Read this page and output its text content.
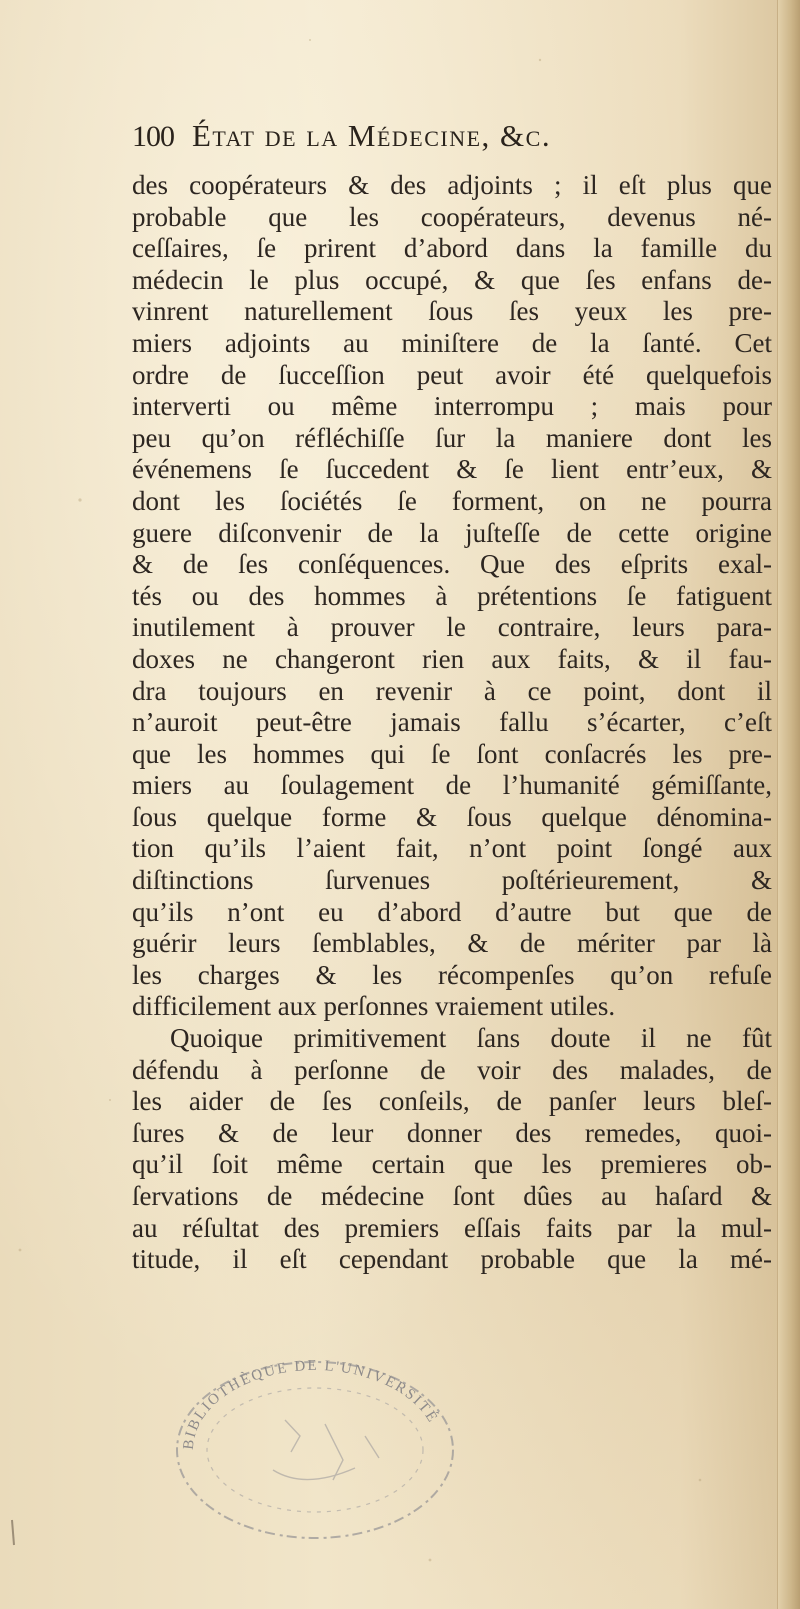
100 État de la Médecine, &c.
des coopérateurs & des adjoints ; il eſt plus que
probable que les coopérateurs, devenus né-
ceſſaires, ſe prirent d’abord dans la famille du
médecin le plus occupé, & que ſes enfans de-
vinrent naturellement ſous ſes yeux les pre-
miers adjoints au miniſtere de la ſanté. Cet
ordre de ſucceſſion peut avoir été quelquefois
interverti ou même interrompu ; mais pour
peu qu’on réfléchiſſe ſur la maniere dont les
événemens ſe ſuccedent & ſe lient entr’eux, &
dont les ſociétés ſe forment, on ne pourra
guere diſconvenir de la juſteſſe de cette origine
& de ſes conſéquences. Que des eſprits exal-
tés ou des hommes à prétentions ſe fatiguent
inutilement à prouver le contraire, leurs para-
doxes ne changeront rien aux faits, & il fau-
dra toujours en revenir à ce point, dont il
n’auroit peut-être jamais fallu s’écarter, c’eſt
que les hommes qui ſe ſont conſacrés les pre-
miers au ſoulagement de l’humanité gémiſſante,
ſous quelque forme & ſous quelque dénomina-
tion qu’ils l’aient fait, n’ont point ſongé aux
diſtinctions ſurvenues poſtérieurement, &
qu’ils n’ont eu d’abord d’autre but que de
guérir leurs ſemblables, & de mériter par là
les charges & les récompenſes qu’on refuſe
difficilement aux perſonnes vraiement utiles.
Quoique primitivement ſans doute il ne fût
défendu à perſonne de voir des malades, de
les aider de ſes conſeils, de panſer leurs bleſ-
ſures & de leur donner des remedes, quoi-
qu’il ſoit même certain que les premieres ob-
ſervations de médecine ſont dûes au haſard &
au réſultat des premiers eſſais faits par la mul-
titude, il eſt cependant probable que la mé-
BIBLIOTHÈQUE DE L'UNIVERSITÉ
